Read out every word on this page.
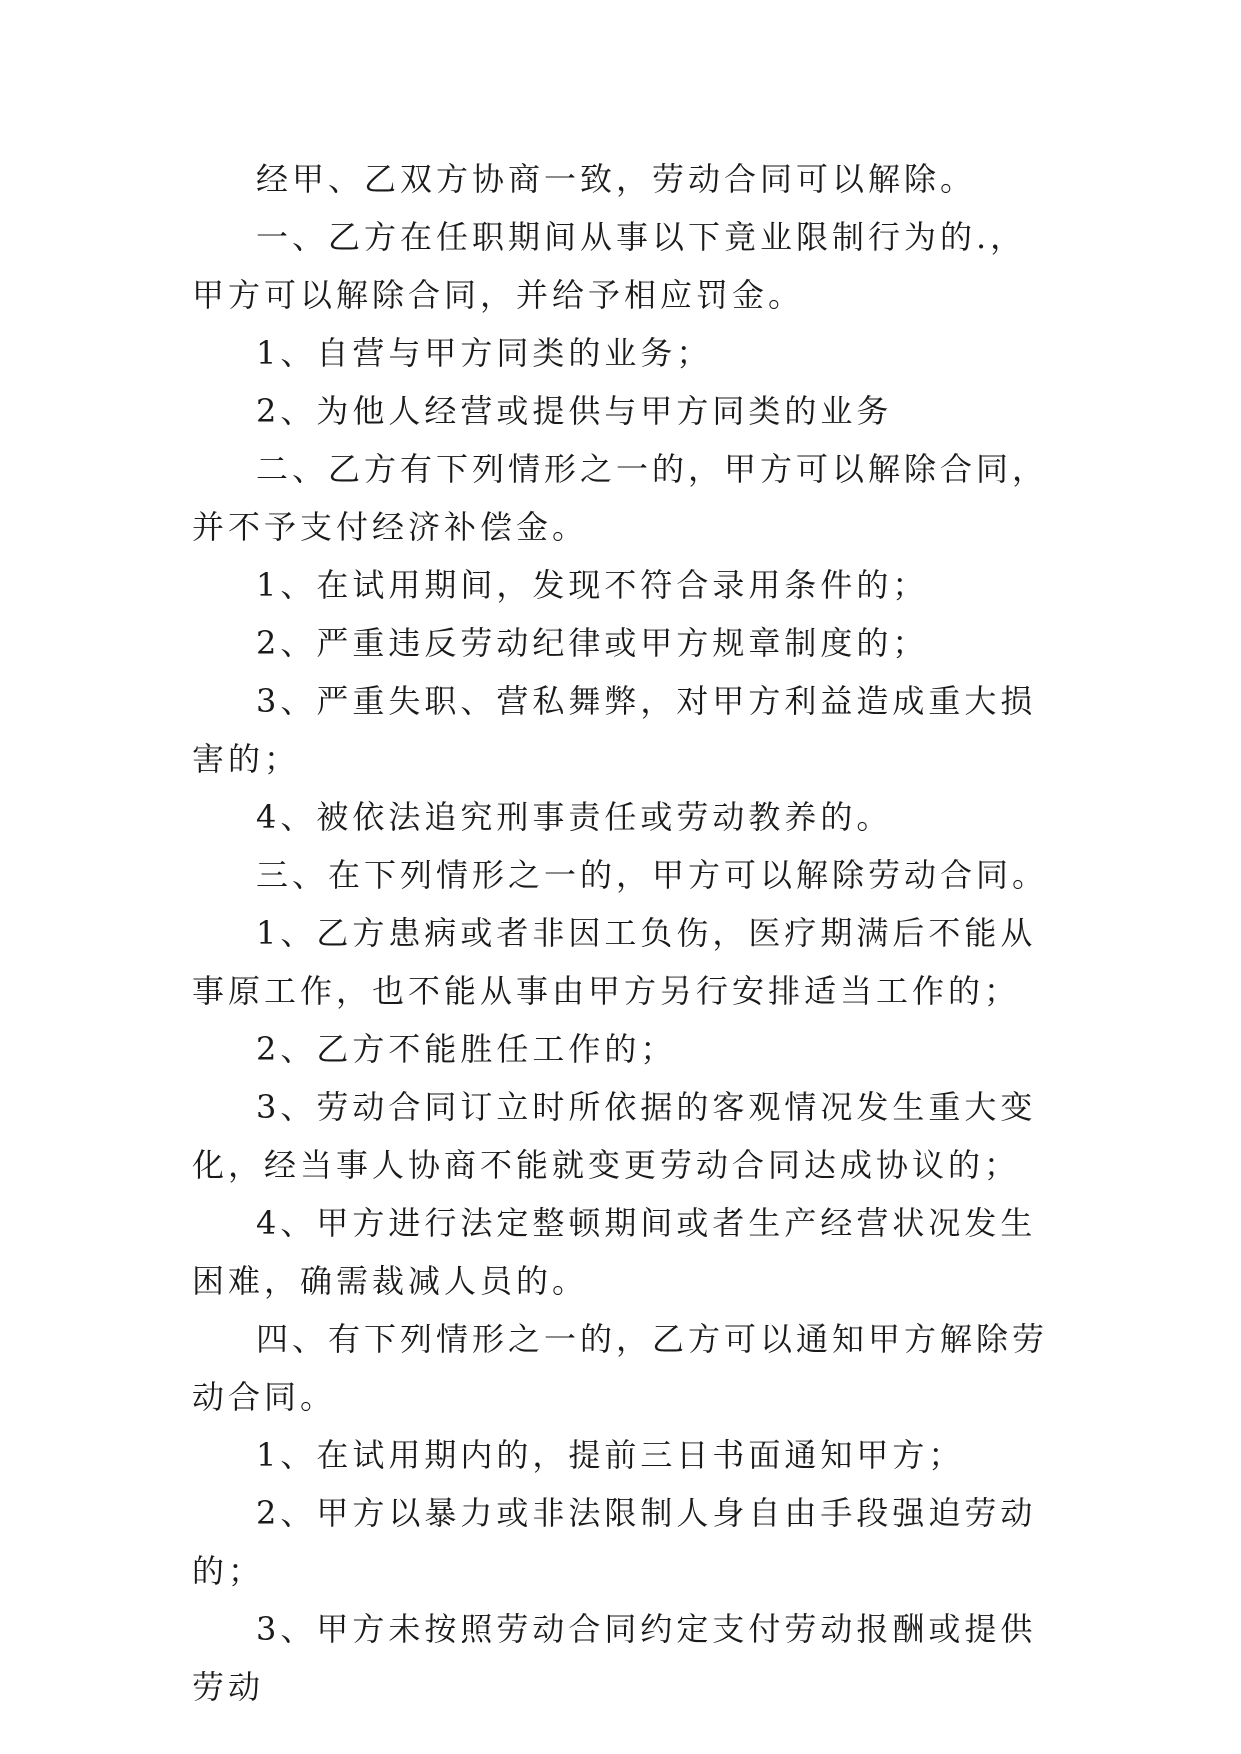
经甲、乙双方协商一致，劳动合同可以解除。

一、乙方在任职期间从事以下竟业限制行为的.，甲方可以解除合同，并给予相应罚金。

1、自营与甲方同类的业务；

2、为他人经营或提供与甲方同类的业务

二、乙方有下列情形之一的，甲方可以解除合同，并不予支付经济补偿金。

1、在试用期间，发现不符合录用条件的；

2、严重违反劳动纪律或甲方规章制度的；

3、严重失职、营私舞弊，对甲方利益造成重大损害的；

4、被依法追究刑事责任或劳动教养的。

三、在下列情形之一的，甲方可以解除劳动合同。

1、乙方患病或者非因工负伤，医疗期满后不能从事原工作，也不能从事由甲方另行安排适当工作的；

2、乙方不能胜任工作的；

3、劳动合同订立时所依据的客观情况发生重大变化，经当事人协商不能就变更劳动合同达成协议的；

4、甲方进行法定整顿期间或者生产经营状况发生困难，确需裁减人员的。

四、有下列情形之一的，乙方可以通知甲方解除劳动合同。

1、在试用期内的，提前三日书面通知甲方；

2、甲方以暴力或非法限制人身自由手段强迫劳动的；

3、甲方未按照劳动合同约定支付劳动报酬或提供劳动
